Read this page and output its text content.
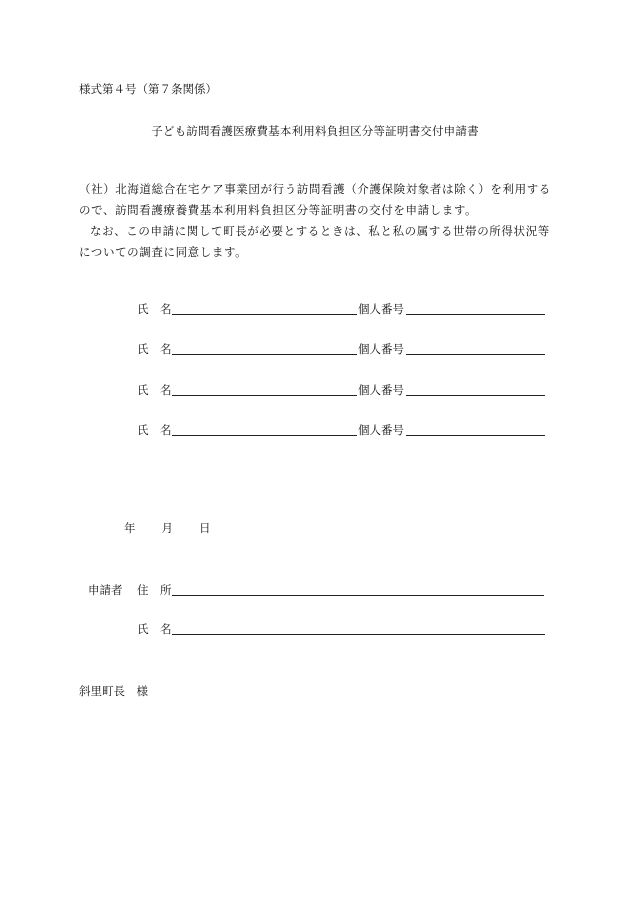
様式第４号（第７条関係）
子ども訪問看護医療費基本利用料負担区分等証明書交付申請書

（社）北海道総合在宅ケア事業団が行う訪問看護（介護保険対象者は除く）を利用するので、訪問看護療養費基本利用料負担区分等証明書の交付を申請します。

なお、この申請に関して町長が必要とするときは、私と私の属する世帯の所得状況等についての調査に同意します。

氏　名	個人番号
氏　名	個人番号
氏　名	個人番号
氏　名	個人番号
年 月 日
申請者 住　所
氏　名
斜里町長　様
